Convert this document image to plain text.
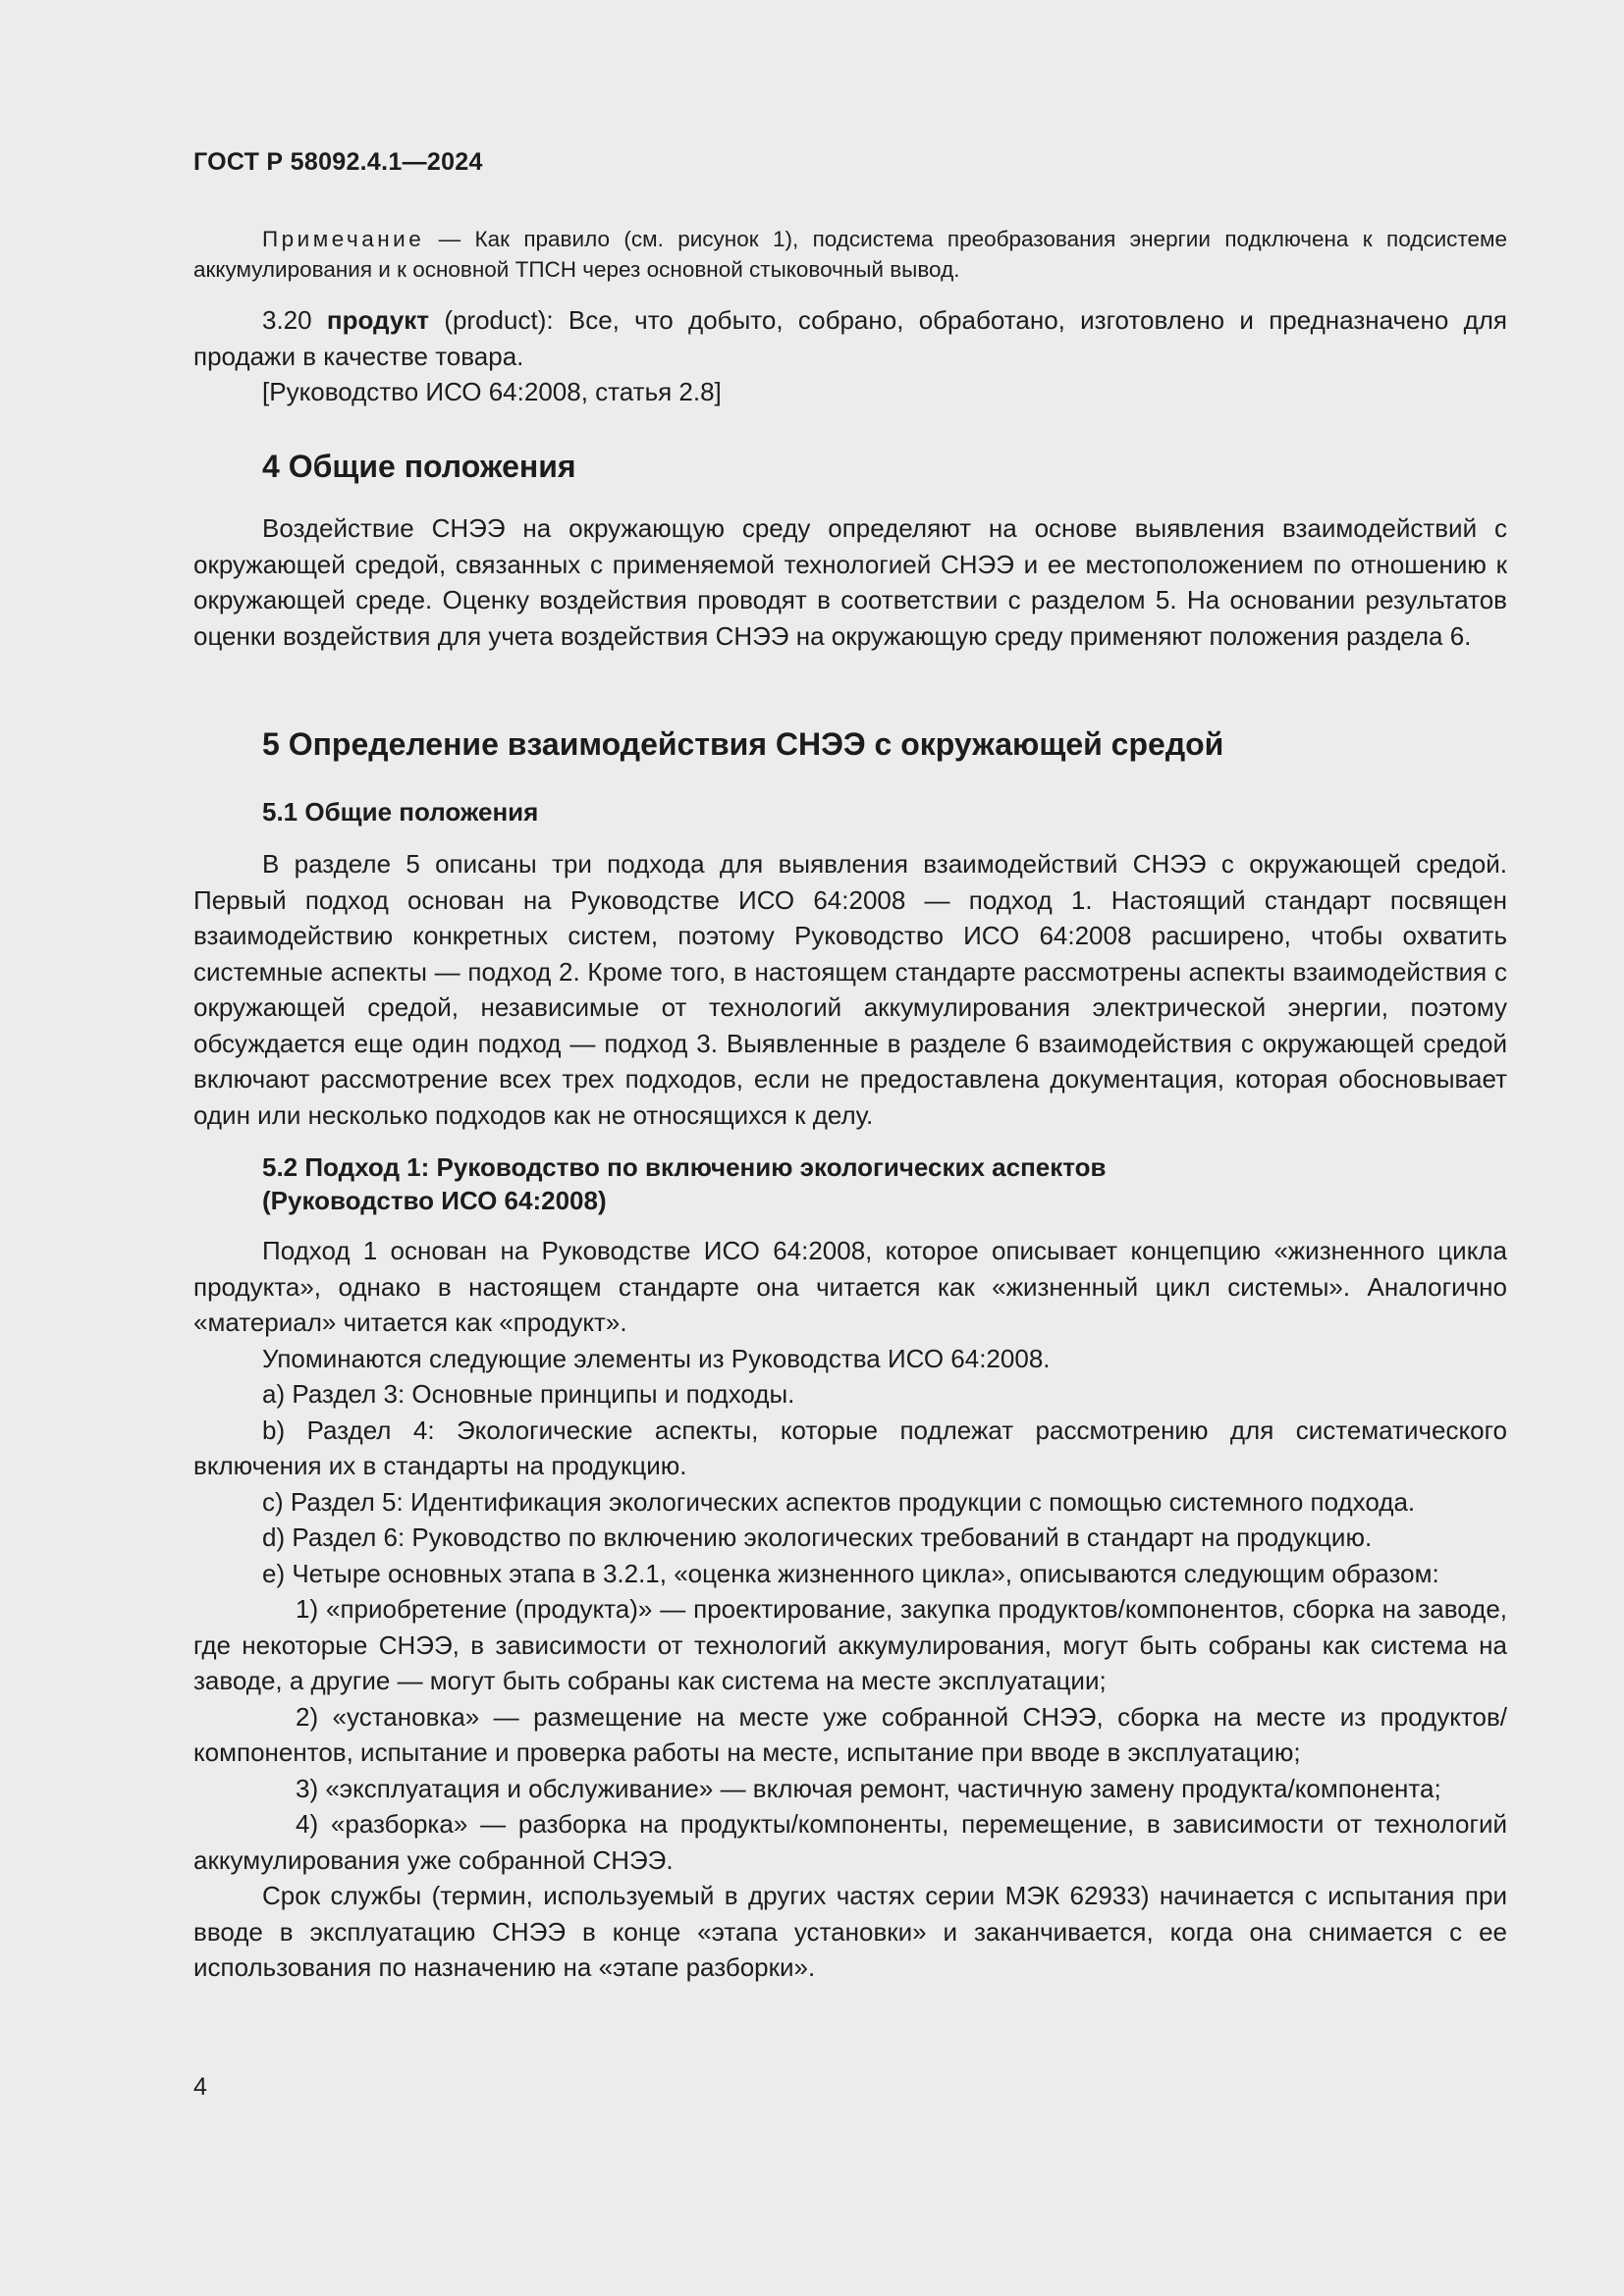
ГОСТ Р 58092.4.1—2024

Примечание — Как правило (см. рисунок 1), подсистема преобразования энергии подключена к подсистеме аккумулирования и к основной ТПСН через основной стыковочный вывод.

3.20 продукт (product): Все, что добыто, собрано, обработано, изготовлено и предназначено для продажи в качестве товара.

[Руководство ИСО 64:2008, статья 2.8]

4 Общие положения

Воздействие СНЭЭ на окружающую среду определяют на основе выявления взаимодействий с окружающей средой, связанных с применяемой технологией СНЭЭ и ее местоположением по отношению к окружающей среде. Оценку воздействия проводят в соответствии с разделом 5. На основании результатов оценки воздействия для учета воздействия СНЭЭ на окружающую среду применяют положения раздела 6.

5 Определение взаимодействия СНЭЭ с окружающей средой
5.1 Общие положения

В разделе 5 описаны три подхода для выявления взаимодействий СНЭЭ с окружающей средой. Первый подход основан на Руководстве ИСО 64:2008 — подход 1. Настоящий стандарт посвящен взаимодействию конкретных систем, поэтому Руководство ИСО 64:2008 расширено, чтобы охватить системные аспекты — подход 2. Кроме того, в настоящем стандарте рассмотрены аспекты взаимодействия с окружающей средой, независимые от технологий аккумулирования электрической энергии, поэтому обсуждается еще один подход — подход 3. Выявленные в разделе 6 взаимодействия с окружающей средой включают рассмотрение всех трех подходов, если не предоставлена документация, которая обосновывает один или несколько подходов как не относящихся к делу.

5.2 Подход 1: Руководство по включению экологических аспектов
(Руководство ИСО 64:2008)

Подход 1 основан на Руководстве ИСО 64:2008, которое описывает концепцию «жизненного цикла продукта», однако в настоящем стандарте она читается как «жизненный цикл системы». Аналогично «материал» читается как «продукт».

Упоминаются следующие элементы из Руководства ИСО 64:2008.

a) Раздел 3: Основные принципы и подходы.

b) Раздел 4: Экологические аспекты, которые подлежат рассмотрению для систематического включения их в стандарты на продукцию.

c) Раздел 5: Идентификация экологических аспектов продукции с помощью системного подхода.

d) Раздел 6: Руководство по включению экологических требований в стандарт на продукцию.

e) Четыре основных этапа в 3.2.1, «оценка жизненного цикла», описываются следующим образом:

1) «приобретение (продукта)» — проектирование, закупка продуктов/компонентов, сборка на заводе, где некоторые СНЭЭ, в зависимости от технологий аккумулирования, могут быть собраны как система на заводе, а другие — могут быть собраны как система на месте эксплуатации;

2) «установка» — размещение на месте уже собранной СНЭЭ, сборка на месте из продуктов/компонентов, испытание и проверка работы на месте, испытание при вводе в эксплуатацию;

3) «эксплуатация и обслуживание» — включая ремонт, частичную замену продукта/компонента;

4) «разборка» — разборка на продукты/компоненты, перемещение, в зависимости от технологий аккумулирования уже собранной СНЭЭ.

Срок службы (термин, используемый в других частях серии МЭК 62933) начинается с испытания при вводе в эксплуатацию СНЭЭ в конце «этапа установки» и заканчивается, когда она снимается с ее использования по назначению на «этапе разборки».

4
